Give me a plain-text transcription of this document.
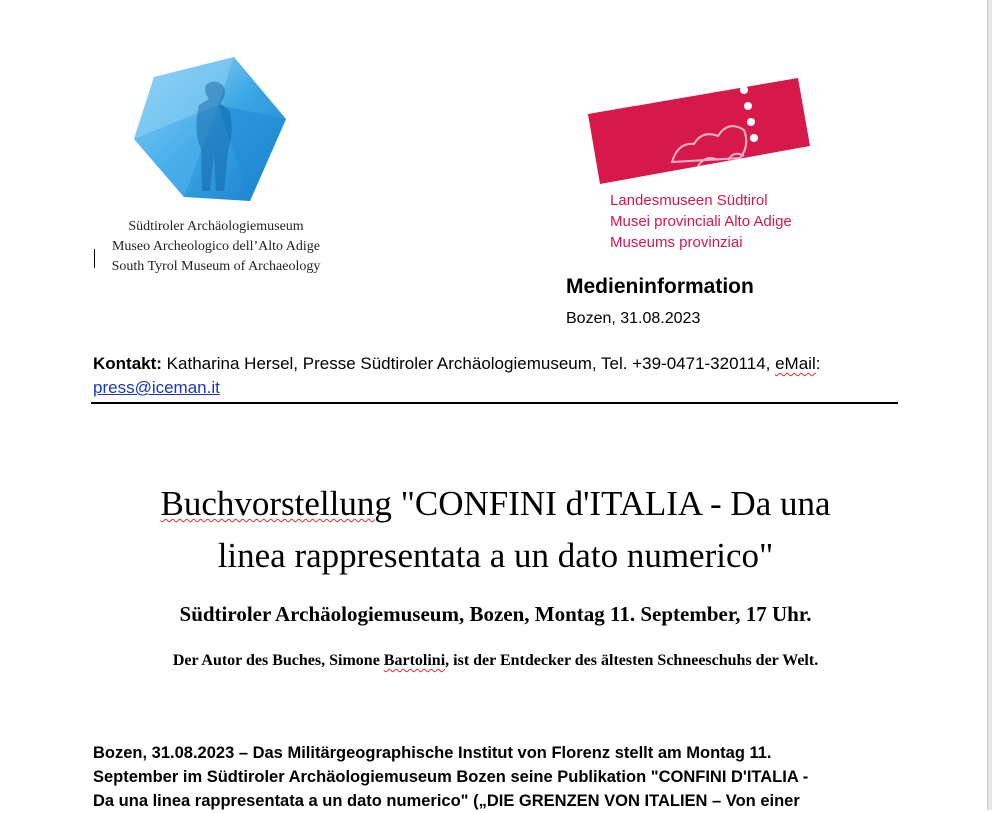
Südtiroler Archäologiemuseum
Museo Archeologico dell’Alto Adige
South Tyrol Museum of Archaeology
Landesmuseen Südtirol
Musei provinciali Alto Adige
Museums provinziai
Medieninformation
Bozen, 31.08.2023
Kontakt: Katharina Hersel, Presse Südtiroler Archäologiemuseum, Tel. +39-0471-320114, eMail:
press@iceman.it
Buchvorstellung "CONFINI d'ITALIA - Da una
linea rappresentata a un dato numerico"
Südtiroler Archäologiemuseum, Bozen, Montag 11. September, 17 Uhr.
Der Autor des Buches, Simone Bartolini, ist der Entdecker des ältesten Schneeschuhs der Welt.
Bozen, 31.08.2023 – Das Militärgeographische Institut von Florenz stellt am Montag 11.
September im Südtiroler Archäologiemuseum Bozen seine Publikation "CONFINI D'ITALIA -
Da una linea rappresentata a un dato numerico" („DIE GRENZEN VON ITALIEN – Von einer
